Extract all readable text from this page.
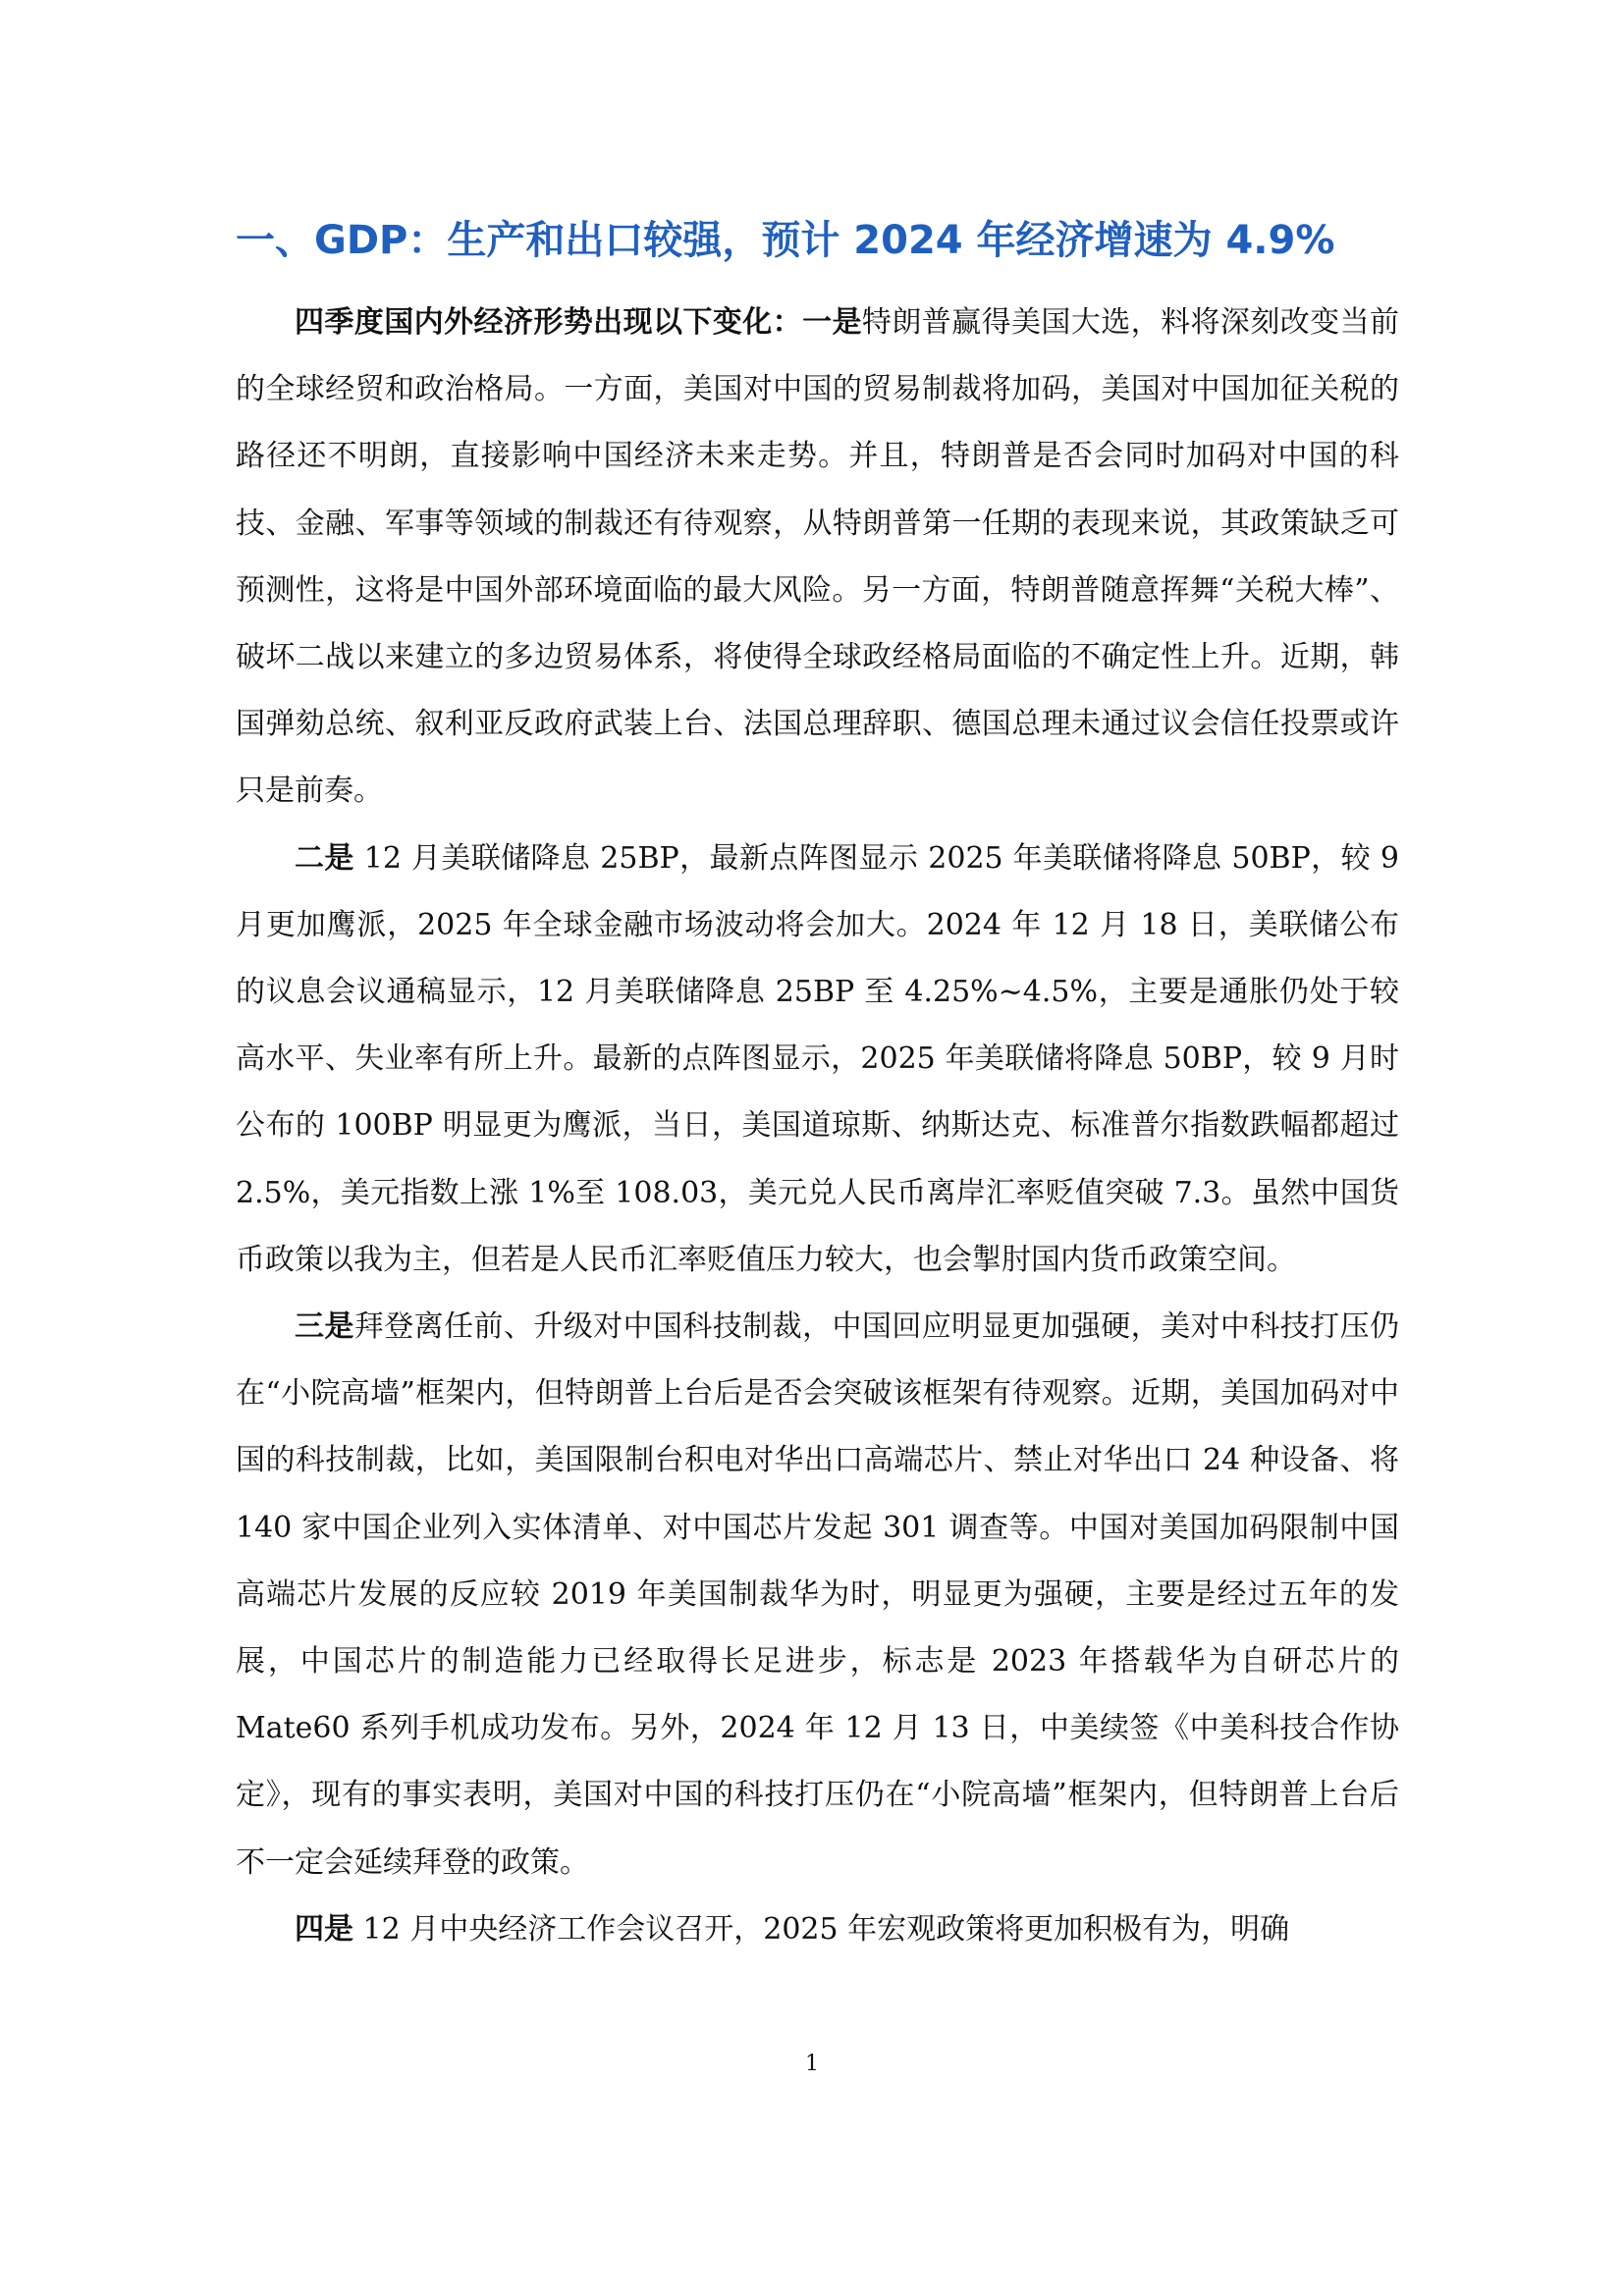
一、GDP：生产和出口较强，预计 2024 年经济增速为 4.9%

四季度国内外经济形势出现以下变化：一是特朗普赢得美国大选，料将深刻改变当前的全球经贸和政治格局。一方面，美国对中国的贸易制裁将加码，美国对中国加征关税的路径还不明朗，直接影响中国经济未来走势。并且，特朗普是否会同时加码对中国的科技、金融、军事等领域的制裁还有待观察，从特朗普第一任期的表现来说，其政策缺乏可预测性，这将是中国外部环境面临的最大风险。另一方面，特朗普随意挥舞“关税大棒”、破坏二战以来建立的多边贸易体系，将使得全球政经格局面临的不确定性上升。近期，韩国弹劾总统、叙利亚反政府武装上台、法国总理辞职、德国总理未通过议会信任投票或许只是前奏。

二是 12 月美联储降息 25BP，最新点阵图显示 2025 年美联储将降息 50BP，较 9 月更加鹰派，2025 年全球金融市场波动将会加大。2024 年 12 月 18 日，美联储公布的议息会议通稿显示，12 月美联储降息 25BP 至 4.25%~4.5%，主要是通胀仍处于较高水平、失业率有所上升。最新的点阵图显示，2025 年美联储将降息 50BP，较 9 月时公布的 100BP 明显更为鹰派，当日，美国道琼斯、纳斯达克、标准普尔指数跌幅都超过 2.5%，美元指数上涨 1%至 108.03，美元兑人民币离岸汇率贬值突破 7.3。虽然中国货币政策以我为主，但若是人民币汇率贬值压力较大，也会掣肘国内货币政策空间。

三是拜登离任前、升级对中国科技制裁，中国回应明显更加强硬，美对中科技打压仍在“小院高墙”框架内，但特朗普上台后是否会突破该框架有待观察。近期，美国加码对中国的科技制裁，比如，美国限制台积电对华出口高端芯片、禁止对华出口 24 种设备、将 140 家中国企业列入实体清单、对中国芯片发起 301 调查等。中国对美国加码限制中国高端芯片发展的反应较 2019 年美国制裁华为时，明显更为强硬，主要是经过五年的发展，中国芯片的制造能力已经取得长足进步，标志是 2023 年搭载华为自研芯片的 Mate60 系列手机成功发布。另外，2024 年 12 月 13 日，中美续签《中美科技合作协定》，现有的事实表明，美国对中国的科技打压仍在“小院高墙”框架内，但特朗普上台后不一定会延续拜登的政策。

四是 12 月中央经济工作会议召开，2025 年宏观政策将更加积极有为，明确

1
